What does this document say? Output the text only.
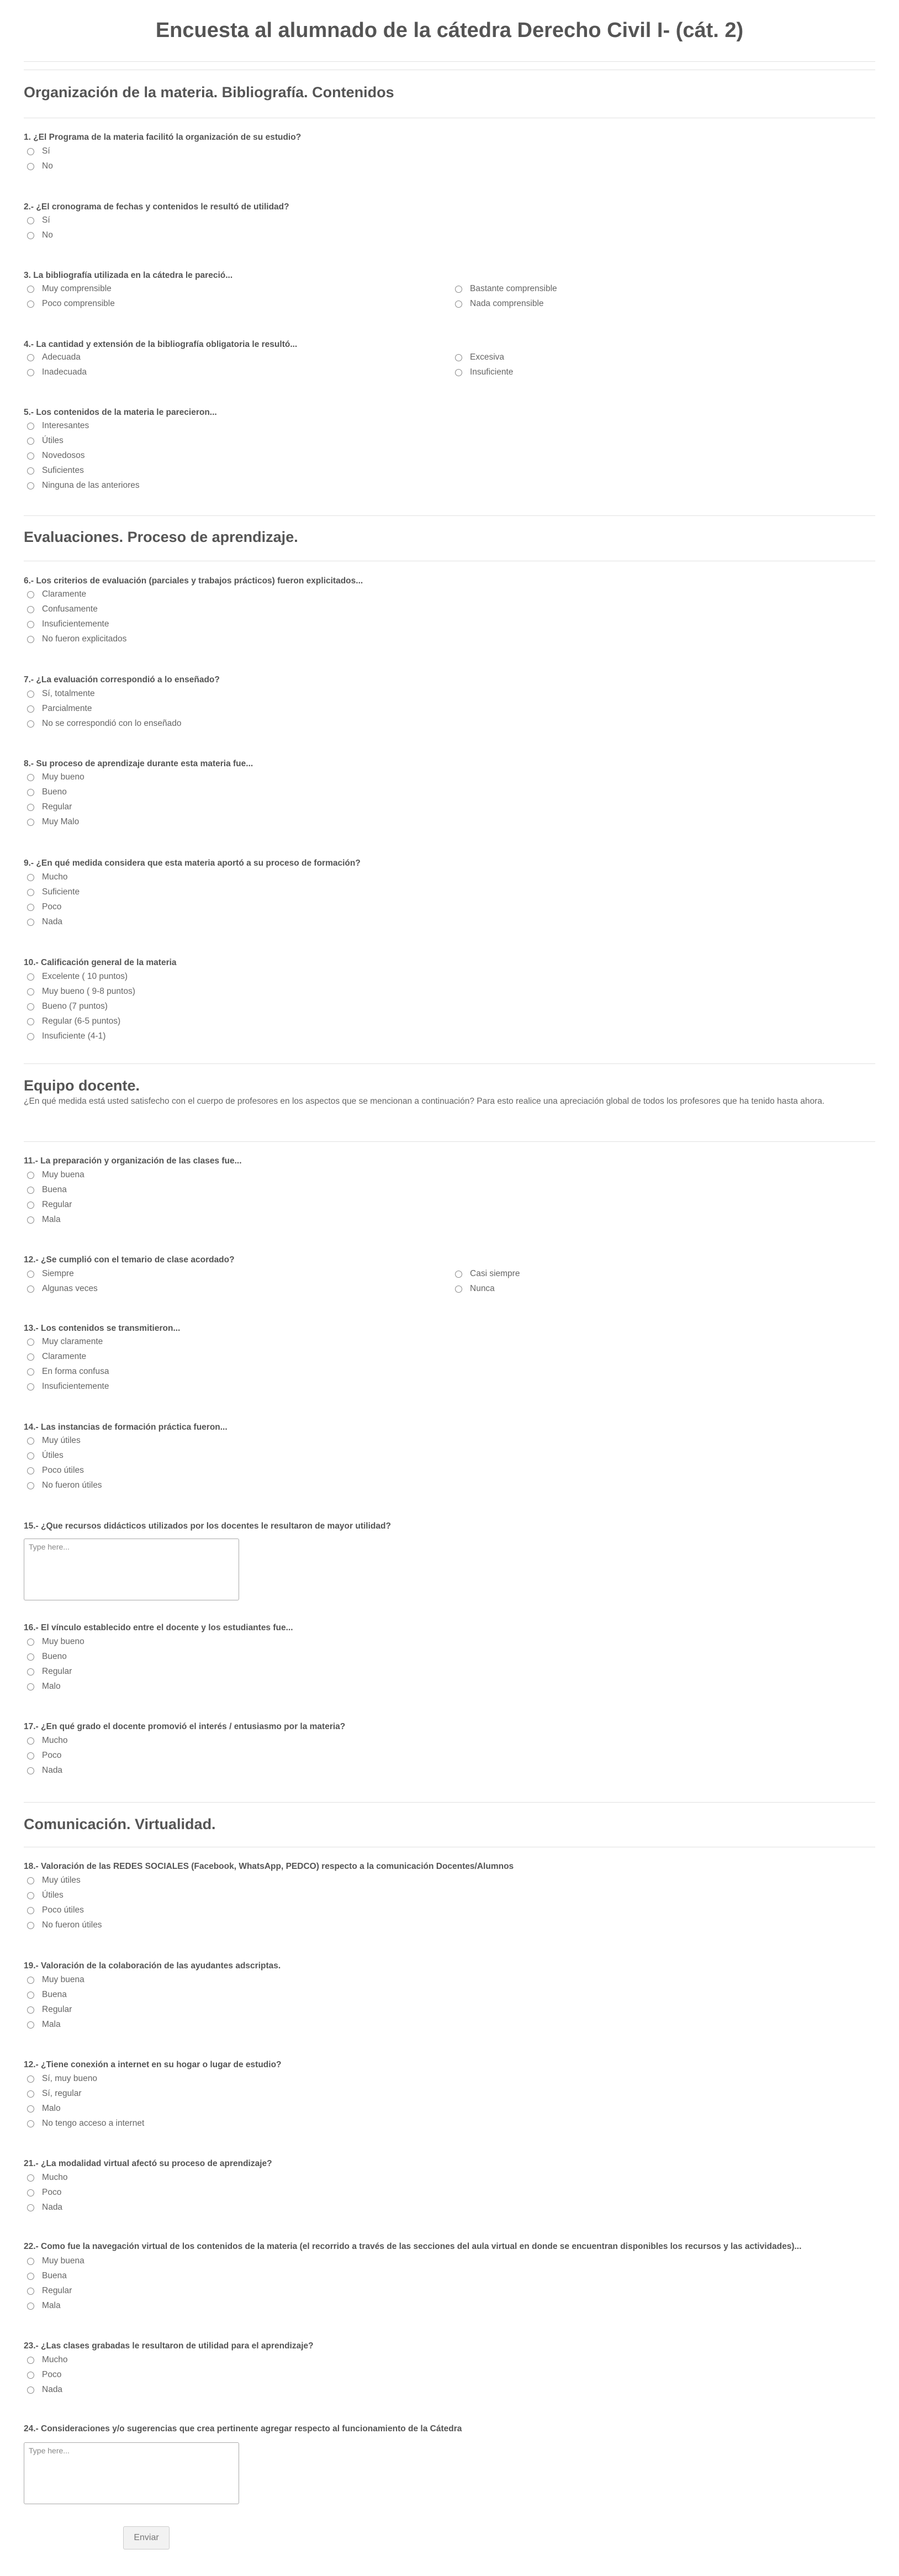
Encuesta al alumnado de la cátedra Derecho Civil I- (cát. 2)
Organización de la materia. Bibliografía. Contenidos
Evaluaciones. Proceso de aprendizaje.
Equipo docente.
¿En qué medida está usted satisfecho con el cuerpo de profesores en los aspectos que se mencionan a continuación? Para esto realice una apreciación global de todos los profesores que ha tenido hasta ahora.
Comunicación. Virtualidad.
1. ¿El Programa de la materia facilitó la organización de su estudio?
Sí
No
2.- ¿El cronograma de fechas y contenidos le resultó de utilidad?
Sí
No
3. La bibliografía utilizada en la cátedra le pareció...
Muy comprensible	Bastante comprensible
Poco comprensible	Nada comprensible
4.- La cantidad y extensión de la bibliografía obligatoria le resultó...
Adecuada	Excesiva
Inadecuada	Insuficiente
5.- Los contenidos de la materia le parecieron...
Interesantes
Útiles
Novedosos
Suficientes
Ninguna de las anteriores
6.- Los criterios de evaluación (parciales y trabajos prácticos) fueron explicitados...
Claramente
Confusamente
Insuficientemente
No fueron explicitados
7.- ¿La evaluación correspondió a lo enseñado?
Sí, totalmente
Parcialmente
No se correspondió con lo enseñado
8.- Su proceso de aprendizaje durante esta materia fue...
Muy bueno
Bueno
Regular
Muy Malo
9.- ¿En qué medida considera que esta materia aportó a su proceso de formación?
Mucho
Suficiente
Poco
Nada
10.- Calificación general de la materia
Excelente ( 10 puntos)
Muy bueno ( 9-8 puntos)
Bueno (7 puntos)
Regular (6-5 puntos)
Insuficiente (4-1)
11.- La preparación y organización de las clases fue...
Muy buena
Buena
Regular
Mala
12.- ¿Se cumplió con el temario de clase acordado?
Siempre	Casi siempre
Algunas veces	Nunca
13.- Los contenidos se transmitieron...
Muy claramente
Claramente
En forma confusa
Insuficientemente
14.- Las instancias de formación práctica fueron...
Muy útiles
Útiles
Poco útiles
No fueron útiles
15.- ¿Que recursos didácticos utilizados por los docentes le resultaron de mayor utilidad?
Type here...
16.- El vínculo establecido entre el docente y los estudiantes fue...
Muy bueno
Bueno
Regular
Malo
17.- ¿En qué grado el docente promovió el interés / entusiasmo por la materia?
Mucho
Poco
Nada
18.- Valoración de las REDES SOCIALES (Facebook, WhatsApp, PEDCO) respecto a la comunicación Docentes/Alumnos
Muy útiles
Útiles
Poco útiles
No fueron útiles
19.- Valoración de la colaboración de las ayudantes adscriptas.
Muy buena
Buena
Regular
Mala
12.- ¿Tiene conexión a internet en su hogar o lugar de estudio?
Sí, muy bueno
Sí, regular
Malo
No tengo acceso a internet
21.- ¿La modalidad virtual afectó su proceso de aprendizaje?
Mucho
Poco
Nada
22.- Como fue la navegación virtual de los contenidos de la materia (el recorrido a través de las secciones del aula virtual en donde se encuentran disponibles los recursos y las actividades)...
Muy buena
Buena
Regular
Mala
23.- ¿Las clases grabadas le resultaron de utilidad para el aprendizaje?
Mucho
Poco
Nada
24.- Consideraciones y/o sugerencias que crea pertinente agregar respecto al funcionamiento de la Cátedra
Type here...
Enviar
